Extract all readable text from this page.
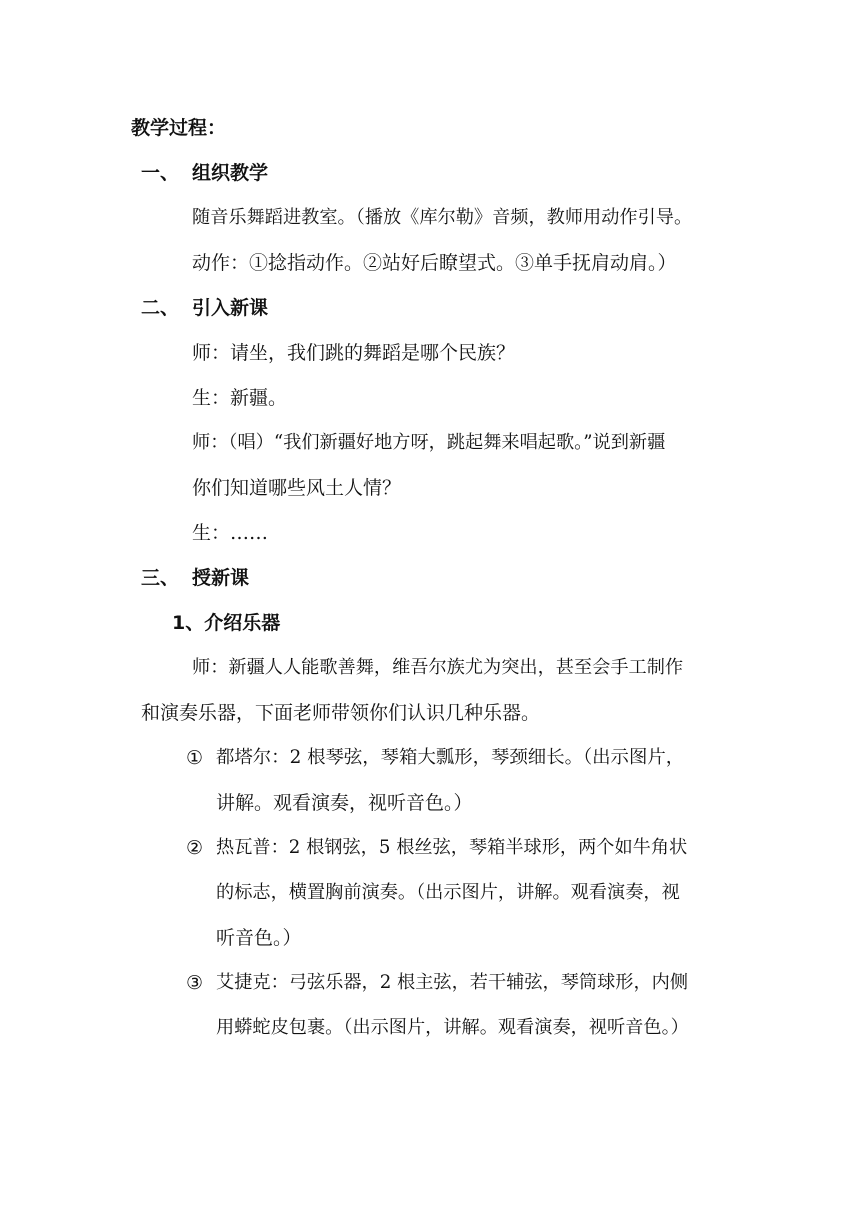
教学过程：
一、 组织教学
随音乐舞蹈进教室。（播放《库尔勒》音频，教师用动作引导。
动作：①捻指动作。②站好后瞭望式。③单手抚肩动肩。）
二、 引入新课
师：请坐，我们跳的舞蹈是哪个民族？
生：新疆。
师：（唱）“我们新疆好地方呀，跳起舞来唱起歌。”说到新疆
你们知道哪些风土人情？
生：……
三、 授新课
1、介绍乐器
师：新疆人人能歌善舞，维吾尔族尤为突出，甚至会手工制作
和演奏乐器，下面老师带领你们认识几种乐器。
① 都塔尔：2 根琴弦，琴箱大瓢形，琴颈细长。（出示图片，
讲解。观看演奏，视听音色。）
② 热瓦普：2 根钢弦，5 根丝弦，琴箱半球形，两个如牛角状
的标志，横置胸前演奏。（出示图片，讲解。观看演奏，视
听音色。）
③ 艾捷克：弓弦乐器，2 根主弦，若干辅弦，琴筒球形，内侧
用蟒蛇皮包裹。（出示图片，讲解。观看演奏，视听音色。）
